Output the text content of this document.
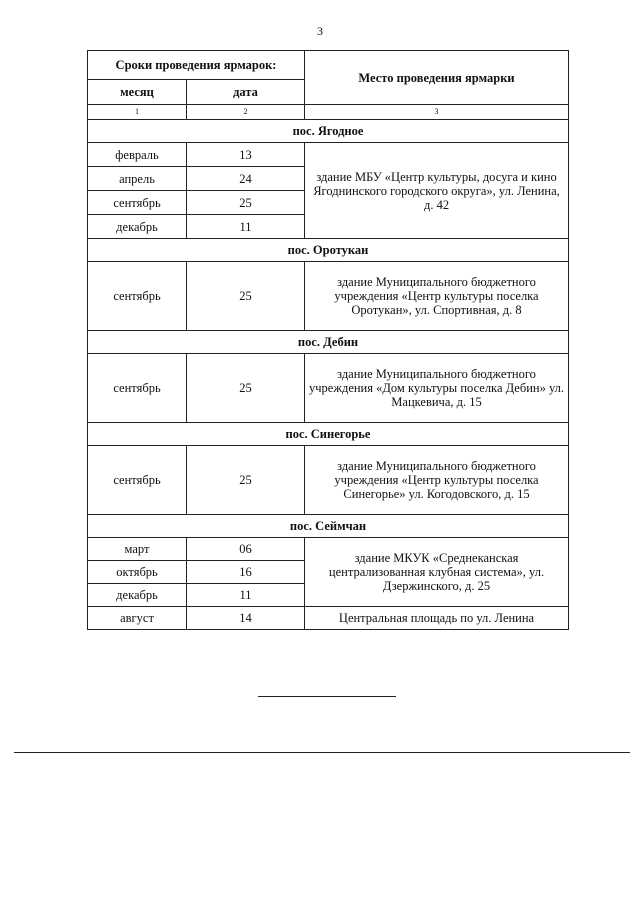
3
Сроки проведения ярмарок:		Место проведения ярмарки
месяц	дата	
1	2	3
пос. Ягодное		
февраль	13	здание МБУ «Центр культуры, досуга и кино Ягоднинского городского округа», ул. Ленина, д. 42
апрель	24	
сентябрь	25	
декабрь	11	
пос. Оротукан		
сентябрь	25	здание Муниципального бюджетного учреждения «Центр культуры поселка Оротукан», ул. Спортивная, д. 8
пос. Дебин		
сентябрь	25	здание Муниципального бюджетного учреждения «Дом культуры поселка Дебин» ул. Мацкевича, д. 15
пос. Синегорье		
сентябрь	25	здание Муниципального бюджетного учреждения «Центр культуры поселка Синегорье» ул. Когодовского, д. 15
пос. Сеймчан		
март	06	здание МКУК «Среднеканская централизованная клубная система», ул. Дзержинского, д. 25
октябрь	16	
декабрь	11	
август	14	Центральная площадь по ул. Ленина
